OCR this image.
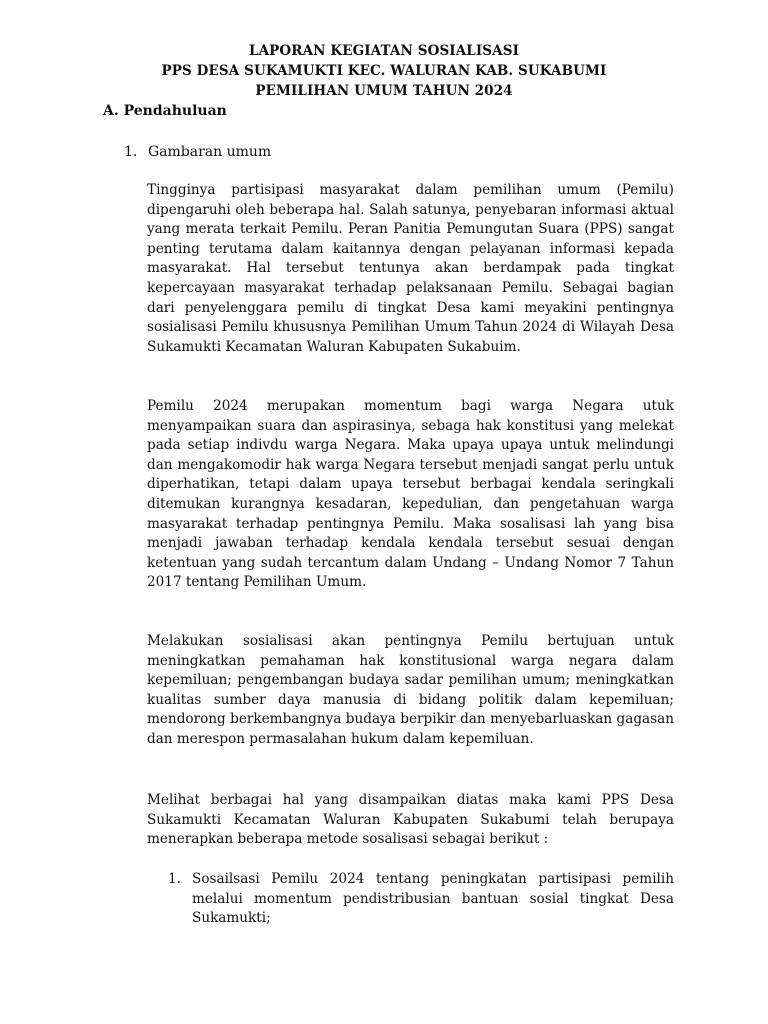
LAPORAN KEGIATAN SOSIALISASI
PPS DESA SUKAMUKTI KEC. WALURAN KAB. SUKABUMI
PEMILIHAN UMUM TAHUN 2024
A. Pendahuluan
1. Gambaran umum

Tingginya partisipasi masyarakat dalam pemilihan umum (Pemilu) dipengaruhi oleh beberapa hal. Salah satunya, penyebaran informasi aktual yang merata terkait Pemilu. Peran Panitia Pemungutan Suara (PPS) sangat penting terutama dalam kaitannya dengan pelayanan informasi kepada masyarakat. Hal tersebut tentunya akan berdampak pada tingkat kepercayaan masyarakat terhadap pelaksanaan Pemilu. Sebagai bagian dari penyelenggara pemilu di tingkat Desa kami meyakini pentingnya sosialisasi Pemilu khususnya Pemilihan Umum Tahun 2024 di Wilayah Desa Sukamukti Kecamatan Waluran Kabupaten Sukabuim.

Pemilu 2024 merupakan momentum bagi warga Negara utuk menyampaikan suara dan aspirasinya, sebaga hak konstitusi yang melekat pada setiap indivdu warga Negara. Maka upaya upaya untuk melindungi dan mengakomodir hak warga Negara tersebut menjadi sangat perlu untuk diperhatikan, tetapi dalam upaya tersebut berbagai kendala seringkali ditemukan kurangnya kesadaran, kepedulian, dan pengetahuan warga masyarakat terhadap pentingnya Pemilu. Maka sosalisasi lah yang bisa menjadi jawaban terhadap kendala kendala tersebut sesuai dengan ketentuan yang sudah tercantum dalam Undang – Undang Nomor 7 Tahun 2017 tentang Pemilihan Umum.

Melakukan sosialisasi akan pentingnya Pemilu bertujuan untuk meningkatkan pemahaman hak konstitusional warga negara dalam kepemiluan; pengembangan budaya sadar pemilihan umum; meningkatkan kualitas sumber daya manusia di bidang politik dalam kepemiluan; mendorong berkembangnya budaya berpikir dan menyebarluaskan gagasan dan merespon permasalahan hukum dalam kepemiluan.

Melihat berbagai hal yang disampaikan diatas maka kami PPS Desa Sukamukti Kecamatan Waluran Kabupaten Sukabumi telah berupaya menerapkan beberapa metode sosalisasi sebagai berikut :

1. Sosailsasi Pemilu 2024 tentang peningkatan partisipasi pemilih melalui momentum pendistribusian bantuan sosial tingkat Desa Sukamukti;
